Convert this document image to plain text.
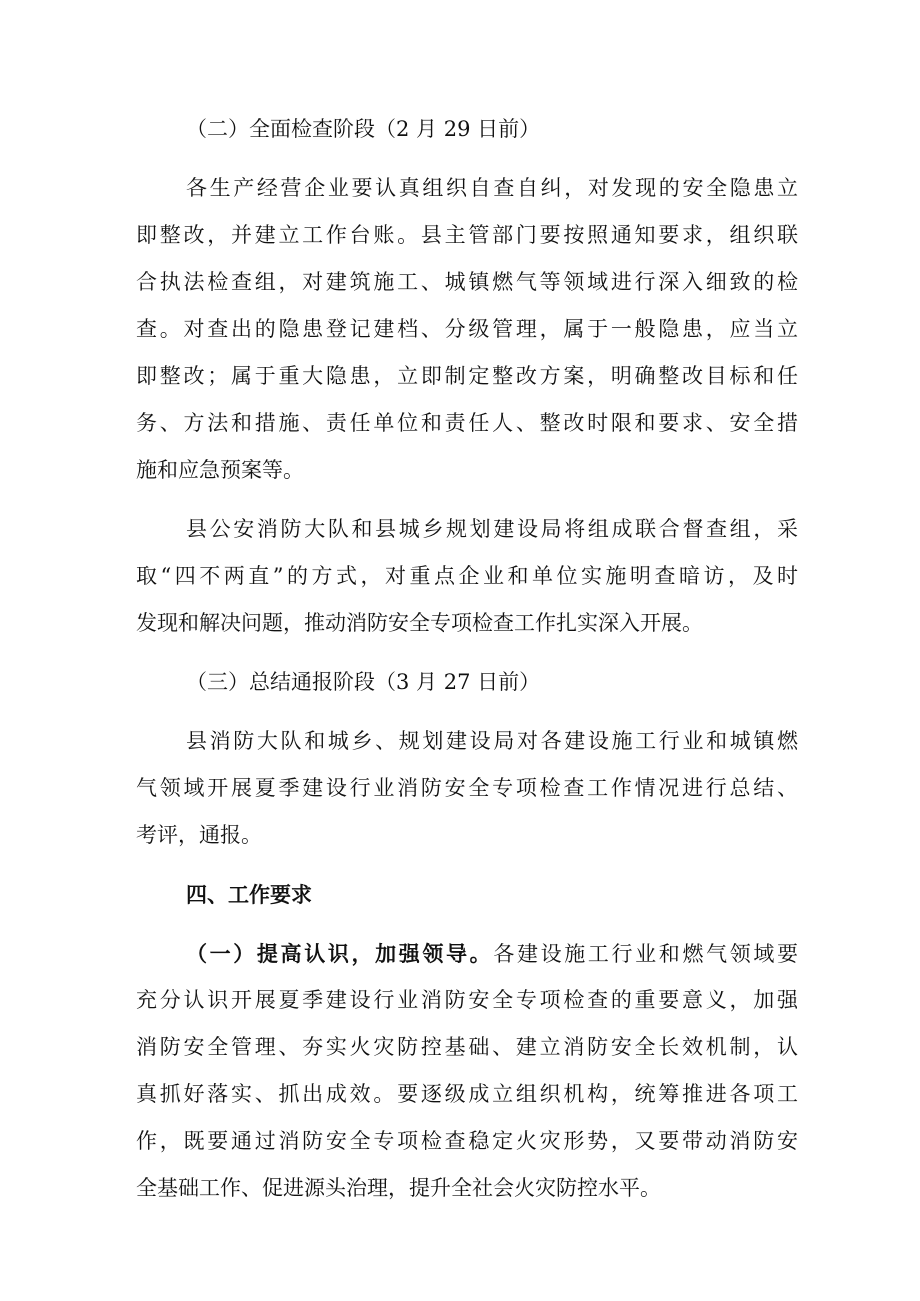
（二）全面检查阶段（2 月 29 日前）
各生产经营企业要认真组织自查自纠，对发现的安全隐患立
即整改，并建立工作台账。县主管部门要按照通知要求，组织联
合执法检查组，对建筑施工、城镇燃气等领域进行深入细致的检
查。对查出的隐患登记建档、分级管理，属于一般隐患，应当立
即整改；属于重大隐患，立即制定整改方案，明确整改目标和任
务、方法和措施、责任单位和责任人、整改时限和要求、安全措
施和应急预案等。
县公安消防大队和县城乡规划建设局将组成联合督查组，采
取“四不两直”的方式，对重点企业和单位实施明查暗访，及时
发现和解决问题，推动消防安全专项检查工作扎实深入开展。
（三）总结通报阶段（3 月 27 日前）
县消防大队和城乡、规划建设局对各建设施工行业和城镇燃
气领域开展夏季建设行业消防安全专项检查工作情况进行总结、
考评，通报。
四、工作要求
（一）提高认识，加强领导。各建设施工行业和燃气领域要
充分认识开展夏季建设行业消防安全专项检查的重要意义，加强
消防安全管理、夯实火灾防控基础、建立消防安全长效机制，认
真抓好落实、抓出成效。要逐级成立组织机构，统筹推进各项工
作，既要通过消防安全专项检查稳定火灾形势，又要带动消防安
全基础工作、促进源头治理，提升全社会火灾防控水平。
